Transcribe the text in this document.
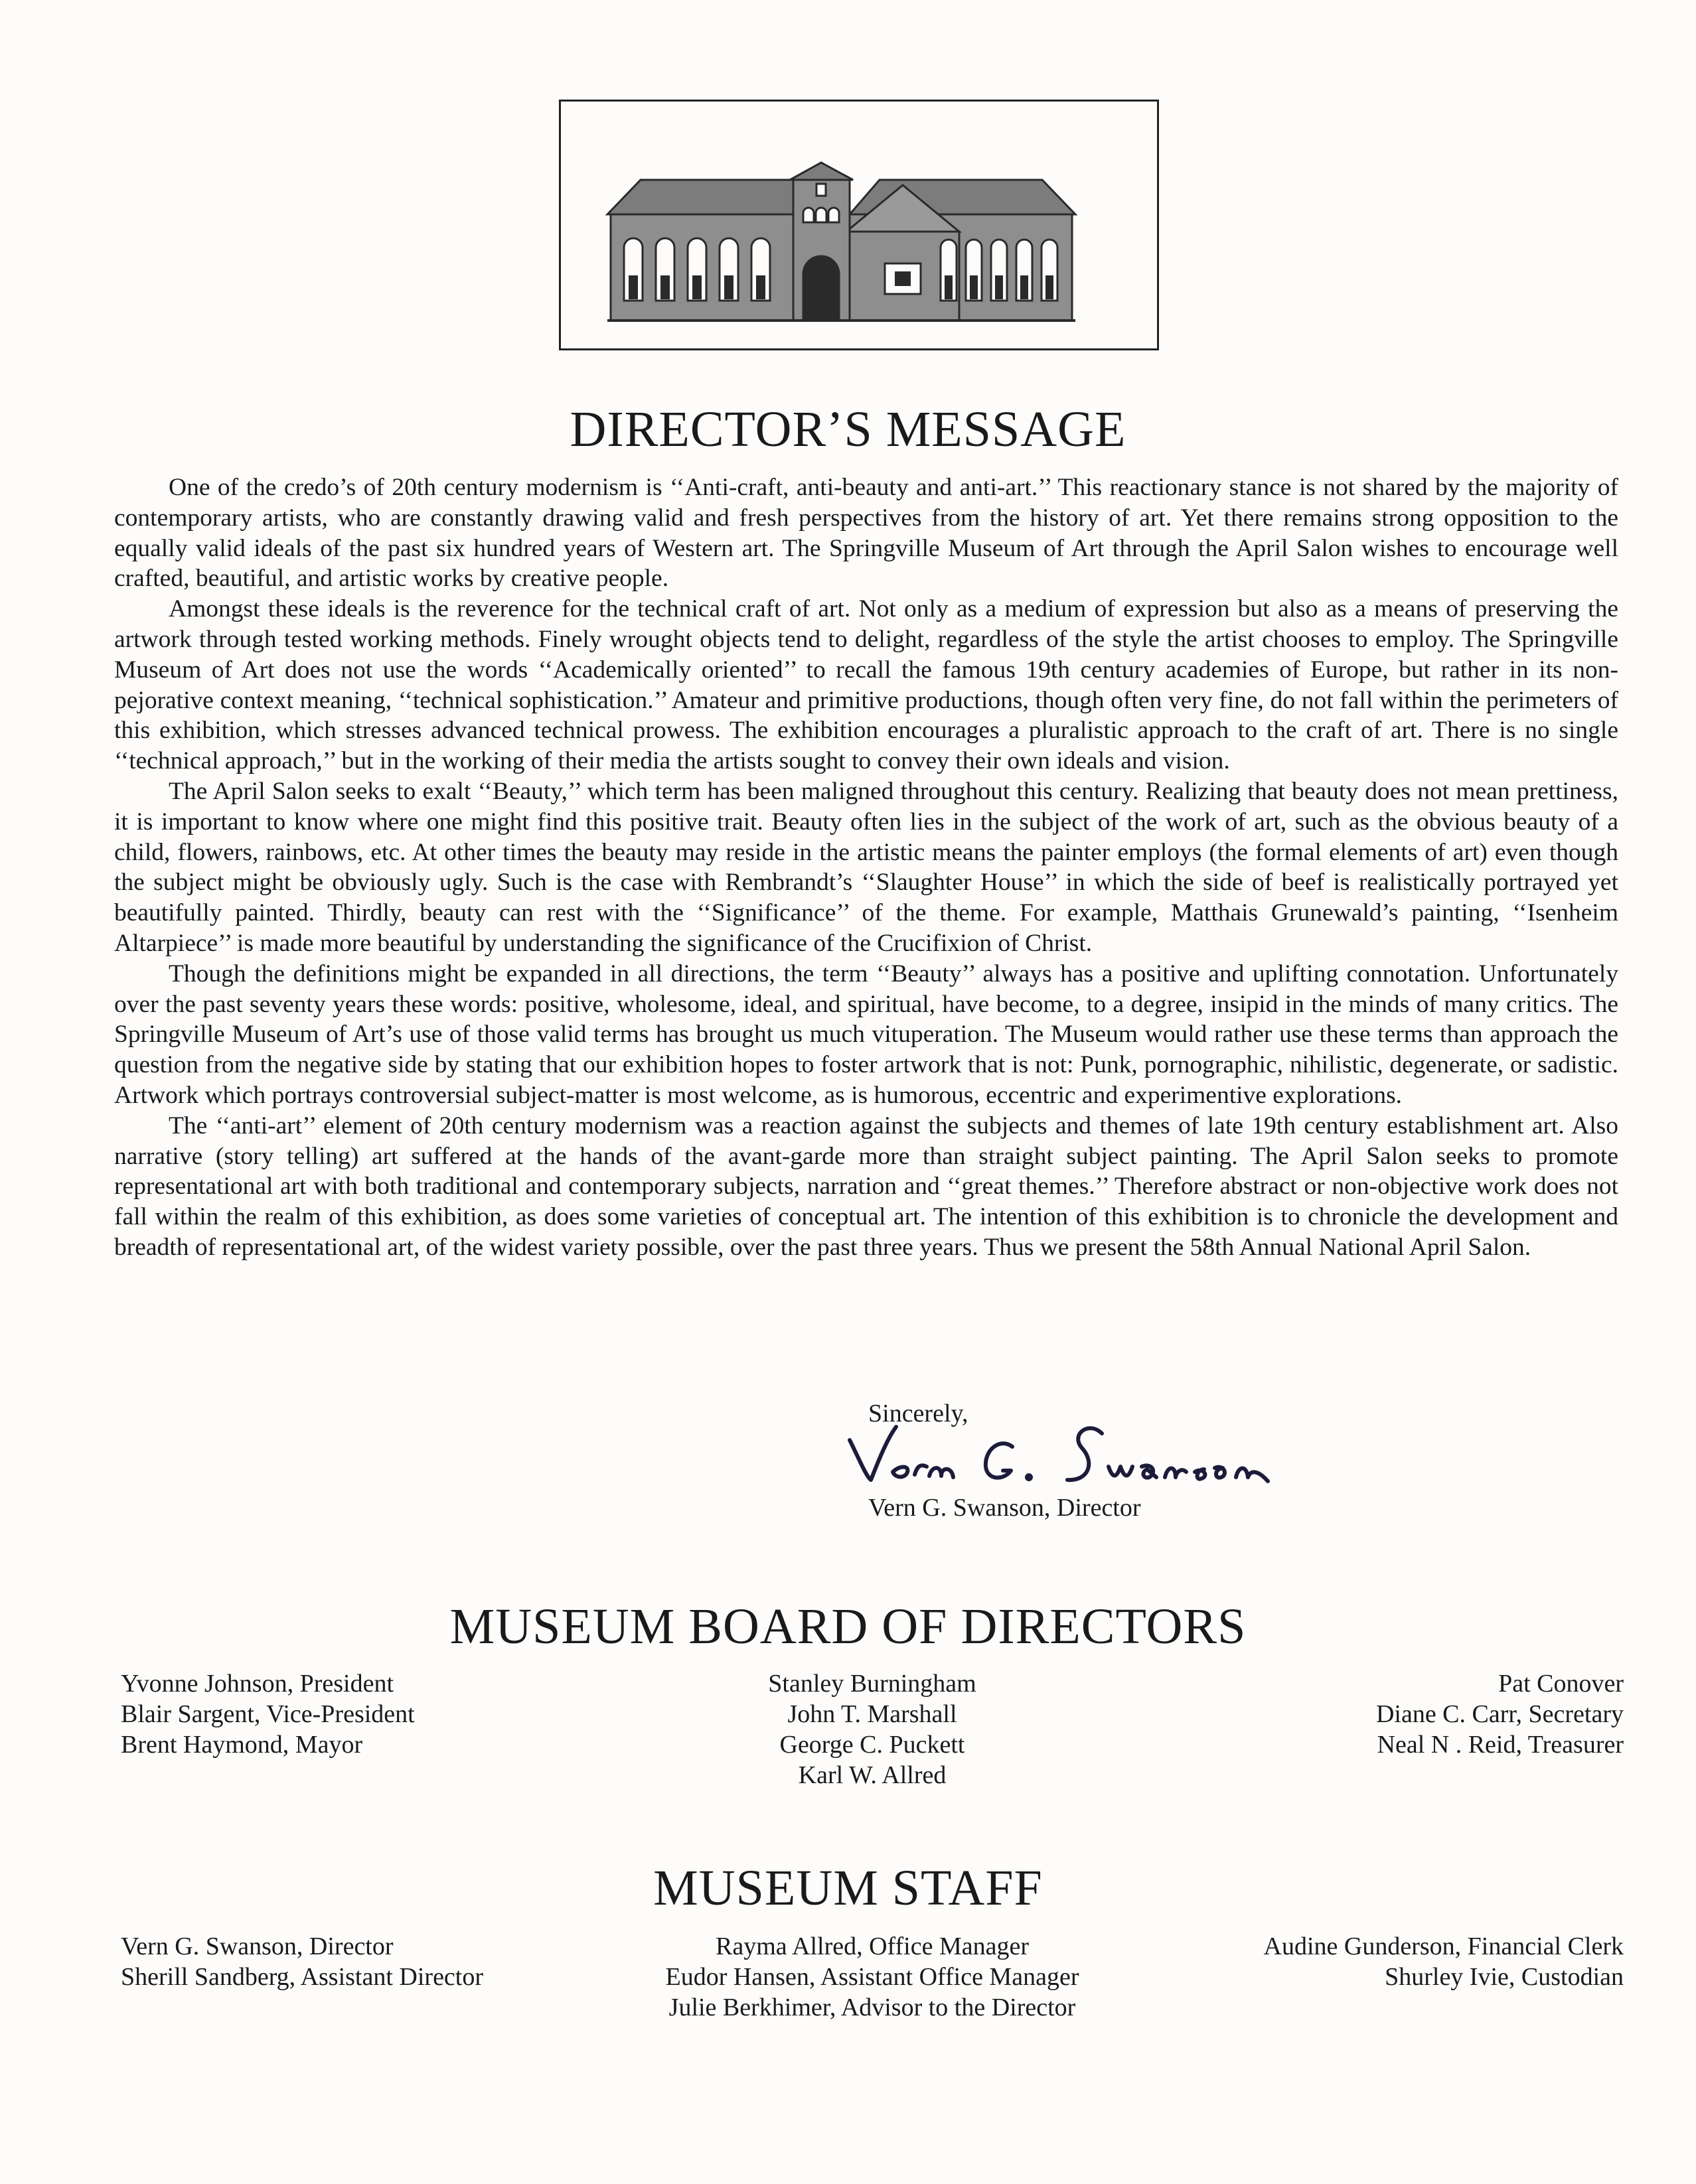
DIRECTOR’S MESSAGE

One of the credo’s of 20th century modernism is ‘‘Anti-craft, anti-beauty and anti-art.’’ This reactionary stance is not shared by the majority of contemporary artists, who are constantly drawing valid and fresh perspectives from the history of art. Yet there remains strong opposition to the equally valid ideals of the past six hundred years of Western art. The Springville Museum of Art through the April Salon wishes to encourage well crafted, beautiful, and artistic works by creative people.

Amongst these ideals is the reverence for the technical craft of art. Not only as a medium of expression but also as a means of preserving the artwork through tested working methods. Finely wrought objects tend to delight, regardless of the style the artist chooses to employ. The Springville Museum of Art does not use the words ‘‘Academically oriented’’ to recall the famous 19th century academies of Europe, but rather in its non-pejorative context meaning, ‘‘technical sophistication.’’ Amateur and primitive productions, though often very fine, do not fall within the perimeters of this exhibition, which stresses advanced technical prowess. The exhibition encourages a pluralistic approach to the craft of art. There is no single ‘‘technical approach,’’ but in the working of their media the artists sought to convey their own ideals and vision.

The April Salon seeks to exalt ‘‘Beauty,’’ which term has been maligned throughout this century. Realizing that beauty does not mean prettiness, it is important to know where one might find this positive trait. Beauty often lies in the subject of the work of art, such as the obvious beauty of a child, flowers, rainbows, etc. At other times the beauty may reside in the artistic means the painter employs (the formal elements of art) even though the subject might be obviously ugly. Such is the case with Rembrandt’s ‘‘Slaughter House’’ in which the side of beef is realistically portrayed yet beautifully painted. Thirdly, beauty can rest with the ‘‘Significance’’ of the theme. For example, Matthais Grunewald’s painting, ‘‘Isenheim Altarpiece’’ is made more beautiful by understanding the significance of the Crucifixion of Christ.

Though the definitions might be expanded in all directions, the term ‘‘Beauty’’ always has a positive and uplifting connotation. Unfortunately over the past seventy years these words: positive, wholesome, ideal, and spiritual, have become, to a degree, insipid in the minds of many critics. The Springville Museum of Art’s use of those valid terms has brought us much vituperation. The Museum would rather use these terms than approach the question from the negative side by stating that our exhibition hopes to foster artwork that is not: Punk, pornographic, nihilistic, degenerate, or sadistic. Artwork which portrays controversial subject-matter is most welcome, as is humorous, eccentric and experimentive explorations.

The ‘‘anti-art’’ element of 20th century modernism was a reaction against the subjects and themes of late 19th century establishment art. Also narrative (story telling) art suffered at the hands of the avant-garde more than straight subject painting. The April Salon seeks to promote representational art with both traditional and contemporary subjects, narration and ‘‘great themes.’’ Therefore abstract or non-objective work does not fall within the realm of this exhibition, as does some varieties of conceptual art. The intention of this exhibition is to chronicle the development and breadth of representational art, of the widest variety possible, over the past three years. Thus we present the 58th Annual National April Salon.

Sincerely,
Vern G. Swanson, Director
MUSEUM BOARD OF DIRECTORS
Yvonne Johnson, President
Blair Sargent, Vice-President
Brent Haymond, Mayor
Stanley Burningham
John T. Marshall
George C. Puckett
Karl W. Allred
Pat Conover
Diane C. Carr, Secretary
Neal N . Reid, Treasurer
MUSEUM STAFF
Vern G. Swanson, Director
Sherill Sandberg, Assistant Director
Rayma Allred, Office Manager
Eudor Hansen, Assistant Office Manager
Julie Berkhimer, Advisor to the Director
Audine Gunderson, Financial Clerk
Shurley Ivie, Custodian
